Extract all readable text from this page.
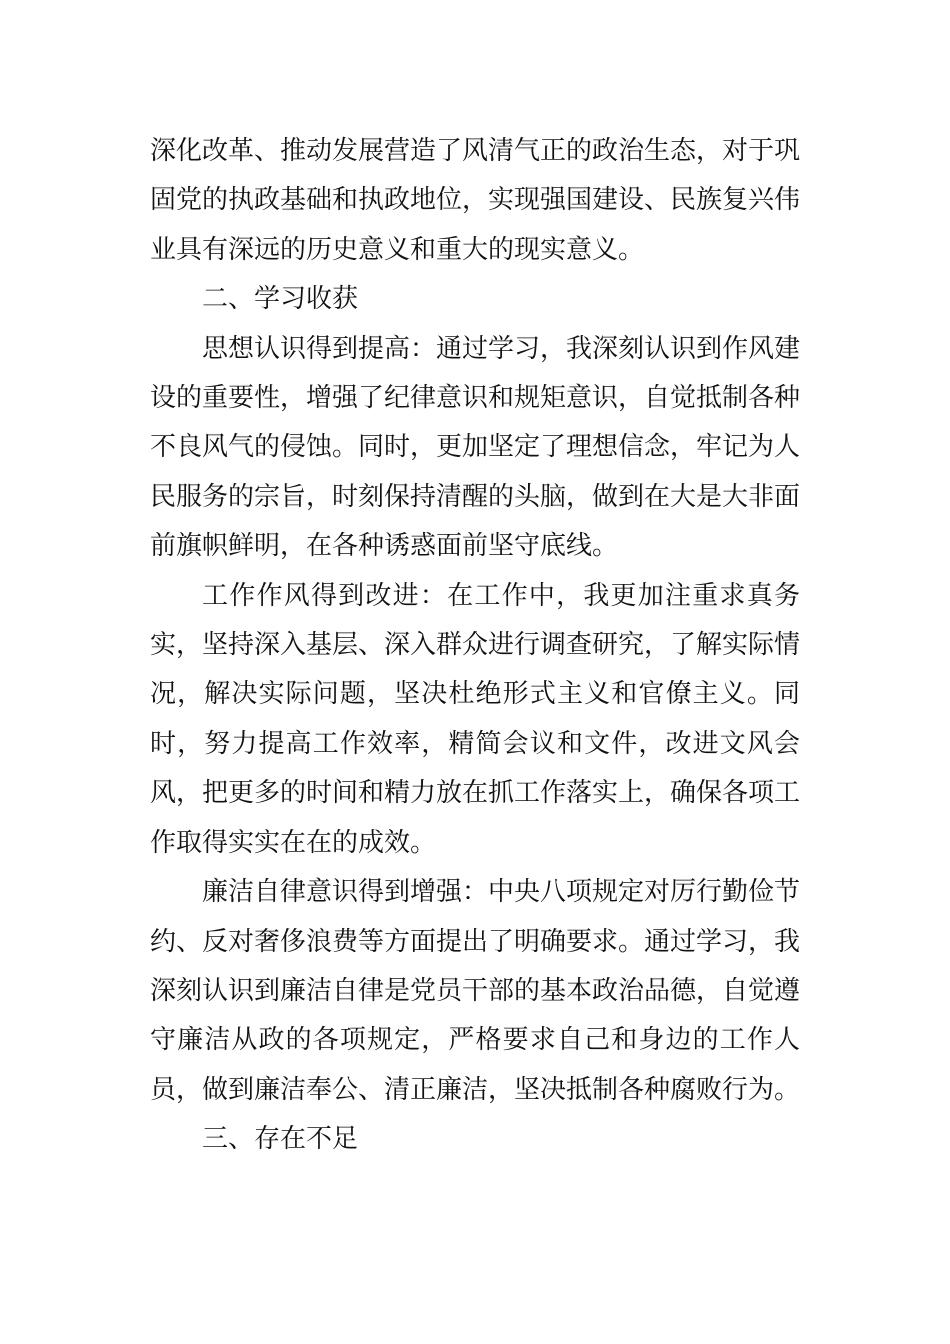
深化改革、推动发展营造了风清气正的政治生态，对于巩固党的执政基础和执政地位，实现强国建设、民族复兴伟业具有深远的历史意义和重大的现实意义。

二、学习收获

思想认识得到提高：通过学习，我深刻认识到作风建设的重要性，增强了纪律意识和规矩意识，自觉抵制各种不良风气的侵蚀。同时，更加坚定了理想信念，牢记为人民服务的宗旨，时刻保持清醒的头脑，做到在大是大非面前旗帜鲜明，在各种诱惑面前坚守底线。

工作作风得到改进：在工作中，我更加注重求真务实，坚持深入基层、深入群众进行调查研究，了解实际情况，解决实际问题，坚决杜绝形式主义和官僚主义。同时，努力提高工作效率，精简会议和文件，改进文风会风，把更多的时间和精力放在抓工作落实上，确保各项工作取得实实在在的成效。

廉洁自律意识得到增强：中央八项规定对厉行勤俭节约、反对奢侈浪费等方面提出了明确要求。通过学习，我深刻认识到廉洁自律是党员干部的基本政治品德，自觉遵守廉洁从政的各项规定，严格要求自己和身边的工作人员，做到廉洁奉公、清正廉洁，坚决抵制各种腐败行为。

三、存在不足
